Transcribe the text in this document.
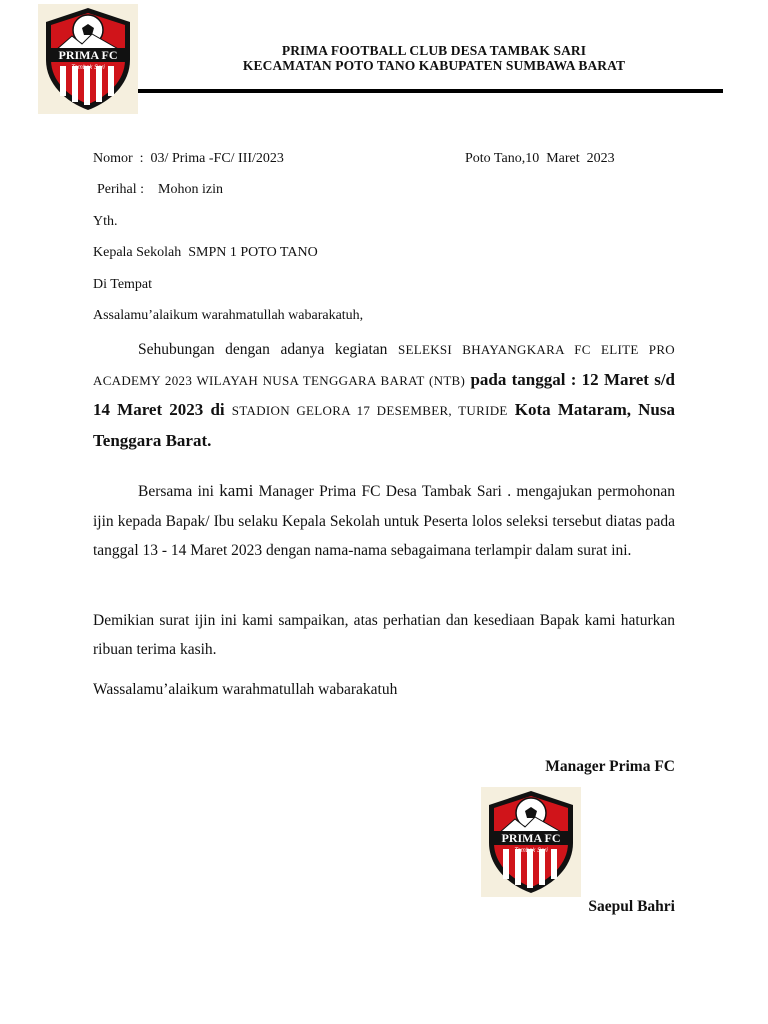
PRIMA FC
Tambak Sari
PRIMA FOOTBALL CLUB DESA TAMBAK SARI
KECAMATAN POTO TANO KABUPATEN SUMBAWA BARAT
Nomor  :  03/ Prima -FC/ III/2023	Poto Tano,10  Maret  2023
Perihal :    Mohon izin
Yth.
Kepala Sekolah  SMPN 1 POTO TANO
Di Tempat
Assalamu’alaikum warahmatullah wabarakatuh,
Sehubungan dengan adanya kegiatan SELEKSI BHAYANGKARA FC ELITE PRO ACADEMY 2023 WILAYAH NUSA TENGGARA BARAT (NTB) pada tanggal : 12 Maret s/d 14 Maret 2023 di STADION GELORA 17 DESEMBER, TURIDE Kota Mataram, Nusa Tenggara Barat.
Bersama ini kami Manager Prima FC Desa Tambak Sari . mengajukan permohonan ijin kepada Bapak/ Ibu selaku Kepala Sekolah untuk Peserta lolos seleksi tersebut diatas pada tanggal 13 - 14 Maret 2023 dengan nama-nama sebagaimana terlampir dalam surat ini.
Demikian surat ijin ini kami sampaikan, atas perhatian dan kesediaan Bapak kami haturkan ribuan terima kasih.
Wassalamu’alaikum warahmatullah wabarakatuh
Manager Prima FC
PRIMA FC
Tambak Sari
Saepul Bahri
